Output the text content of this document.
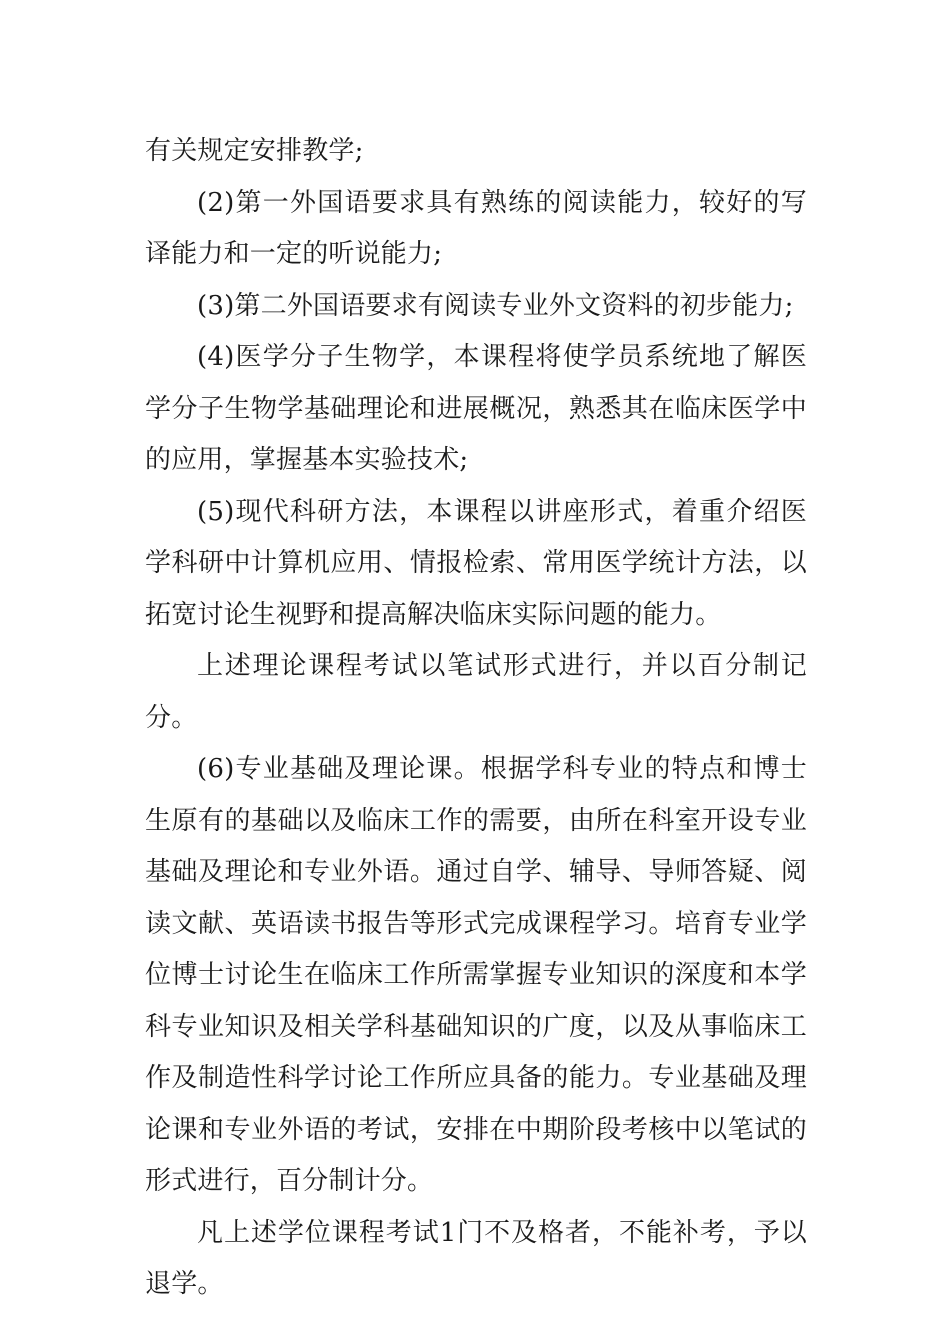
有关规定安排教学;

(2)第一外国语要求具有熟练的阅读能力，较好的写译能力和一定的听说能力;

(3)第二外国语要求有阅读专业外文资料的初步能力;

(4)医学分子生物学，本课程将使学员系统地了解医学分子生物学基础理论和进展概况，熟悉其在临床医学中的应用，掌握基本实验技术;

(5)现代科研方法，本课程以讲座形式，着重介绍医学科研中计算机应用、情报检索、常用医学统计方法，以拓宽讨论生视野和提高解决临床实际问题的能力。

上述理论课程考试以笔试形式进行，并以百分制记分。

(6)专业基础及理论课。根据学科专业的特点和博士生原有的基础以及临床工作的需要，由所在科室开设专业基础及理论和专业外语。通过自学、辅导、导师答疑、阅读文献、英语读书报告等形式完成课程学习。培育专业学位博士讨论生在临床工作所需掌握专业知识的深度和本学科专业知识及相关学科基础知识的广度，以及从事临床工作及制造性科学讨论工作所应具备的能力。专业基础及理论课和专业外语的考试，安排在中期阶段考核中以笔试的形式进行，百分制计分。

凡上述学位课程考试1门不及格者，不能补考，予以退学。
